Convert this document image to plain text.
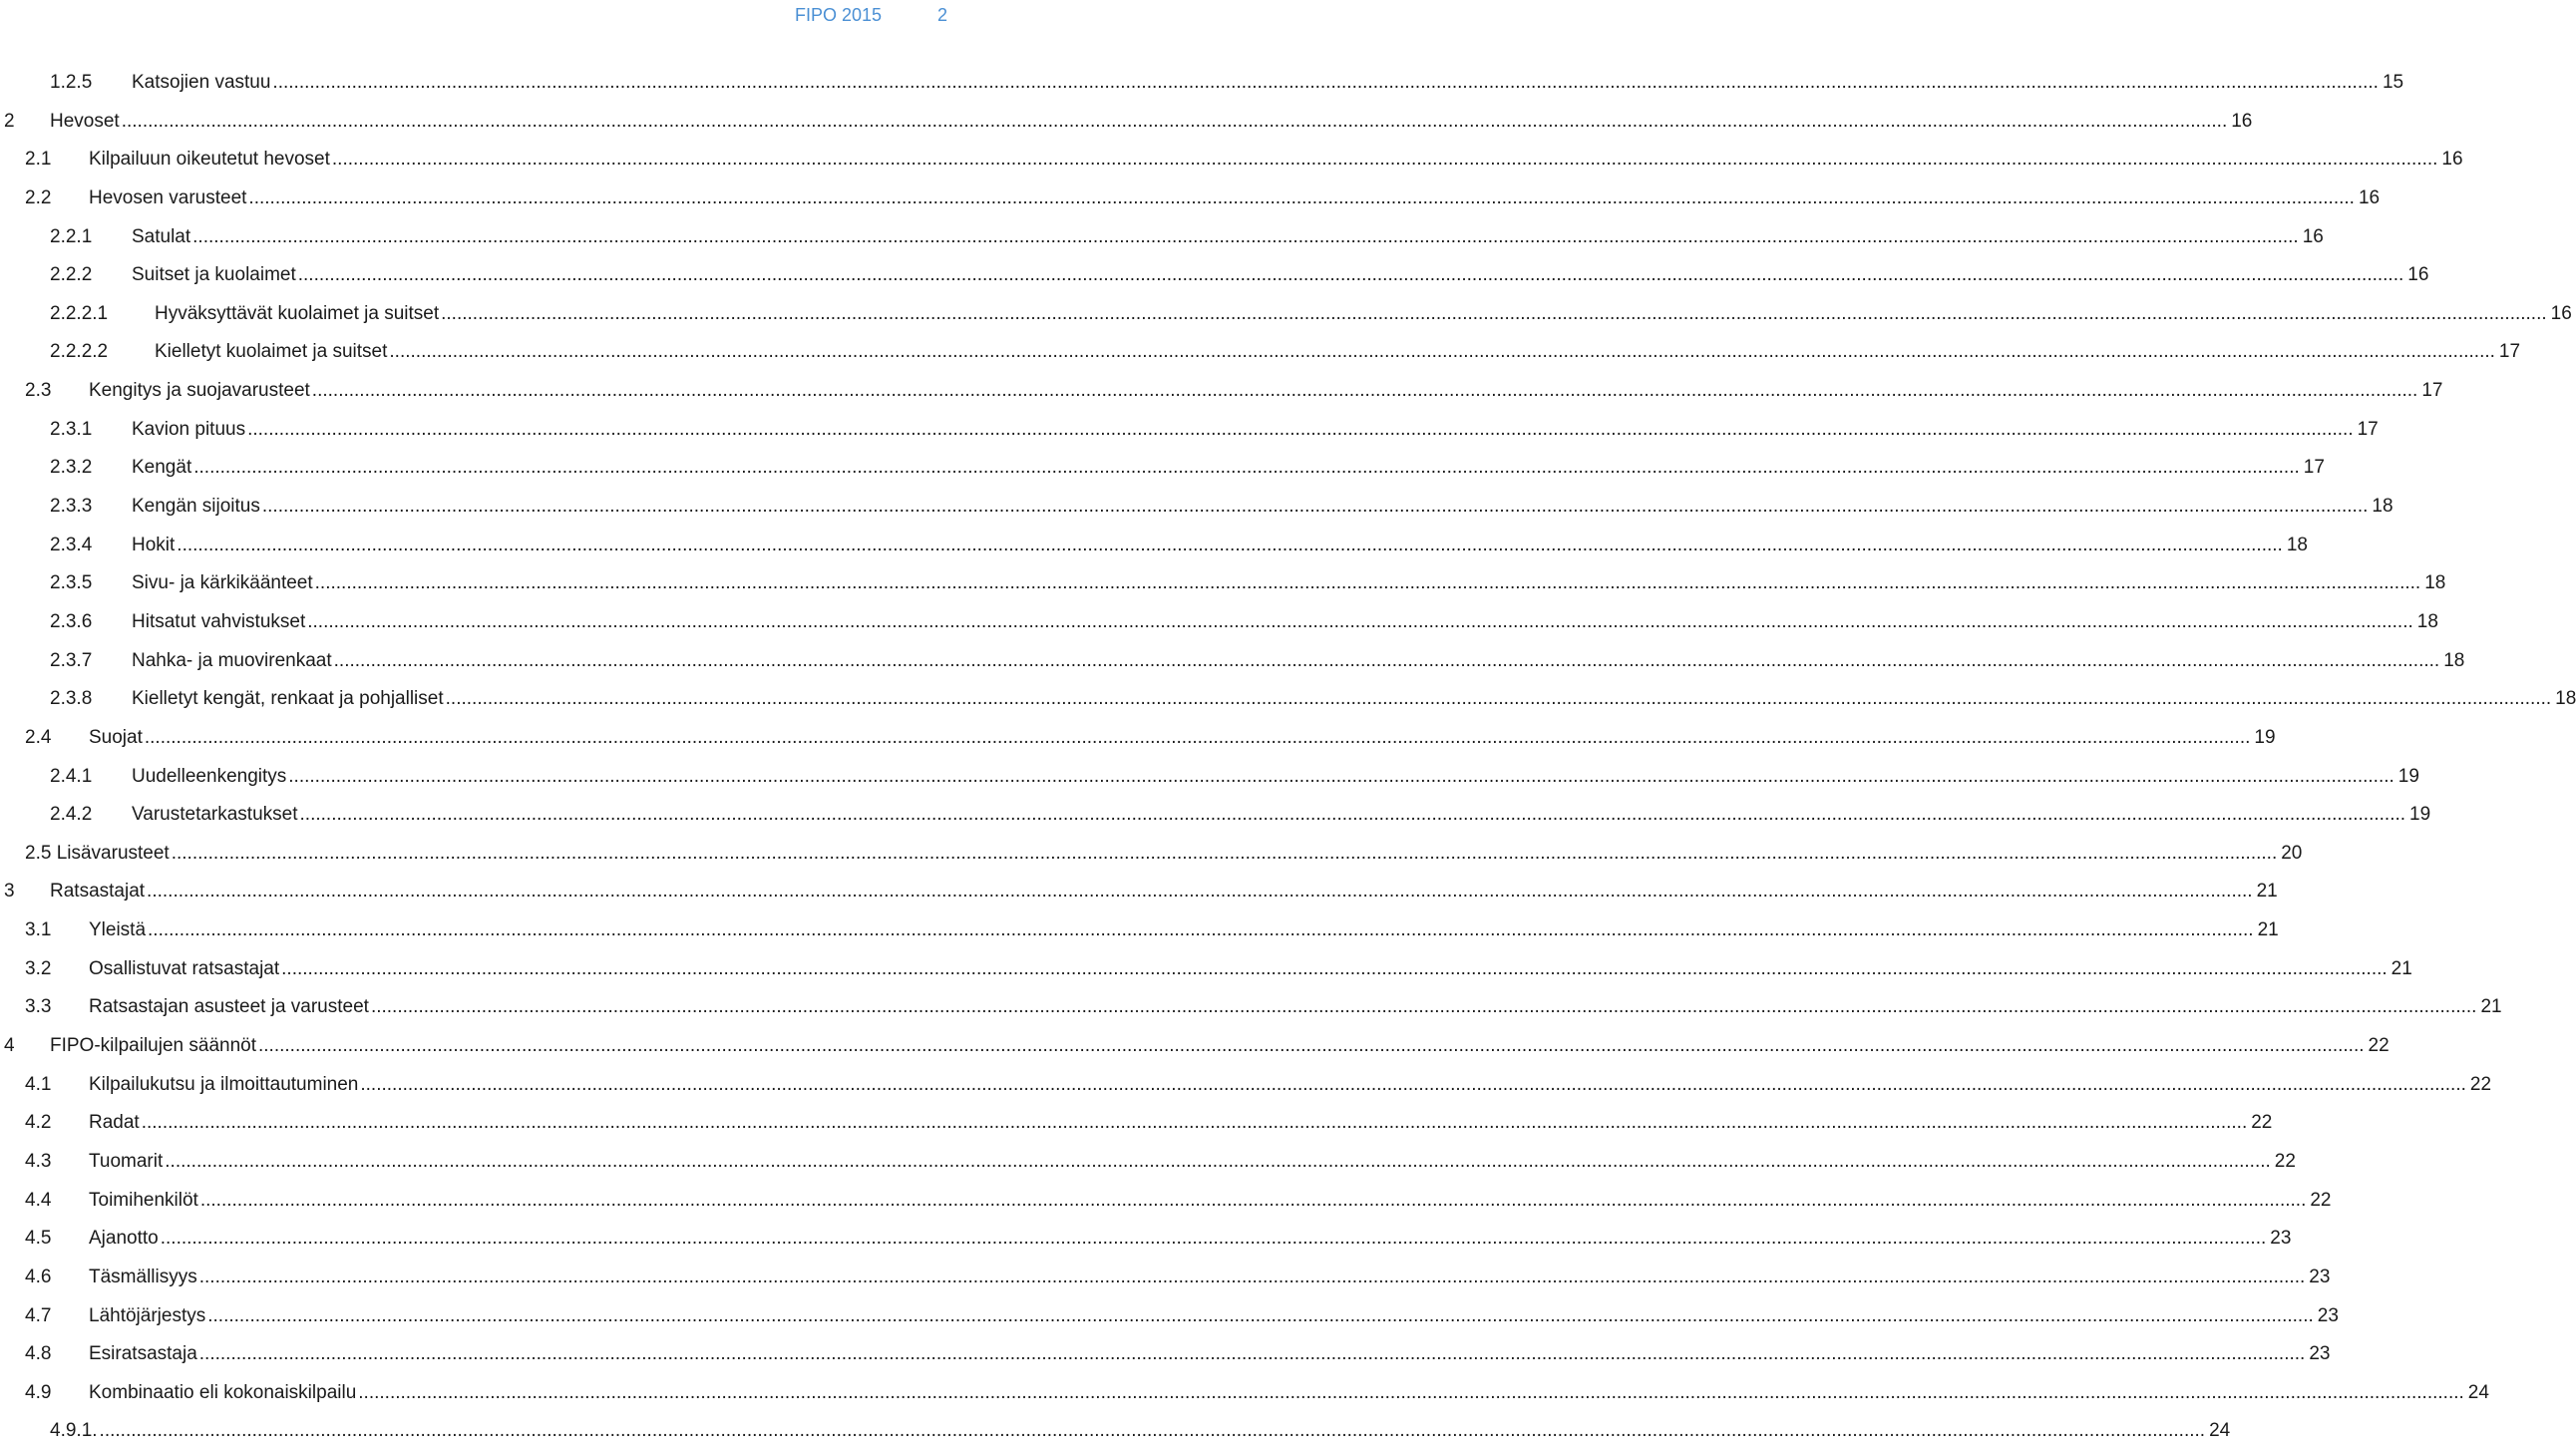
FIPO 2015	2
1.2.5 Katsojien vastuu ................................................................................................................................................................................................................................................................................................................................................................................................................ 15
2 Hevoset ................................................................................................................................................................................................................................................................................................................................................................................................................ 16
2.1 Kilpailuun oikeutetut hevoset ................................................................................................................................................................................................................................................................................................................................................................................................................ 16
2.2 Hevosen varusteet ................................................................................................................................................................................................................................................................................................................................................................................................................ 16
2.2.1 Satulat ................................................................................................................................................................................................................................................................................................................................................................................................................ 16
2.2.2 Suitset ja kuolaimet ................................................................................................................................................................................................................................................................................................................................................................................................................ 16
2.2.2.1 Hyväksyttävät kuolaimet ja suitset ................................................................................................................................................................................................................................................................................................................................................................................................................ 16
2.2.2.2 Kielletyt kuolaimet ja suitset ................................................................................................................................................................................................................................................................................................................................................................................................................ 17
2.3 Kengitys ja suojavarusteet ................................................................................................................................................................................................................................................................................................................................................................................................................ 17
2.3.1 Kavion pituus ................................................................................................................................................................................................................................................................................................................................................................................................................ 17
2.3.2 Kengät ................................................................................................................................................................................................................................................................................................................................................................................................................ 17
2.3.3 Kengän sijoitus ................................................................................................................................................................................................................................................................................................................................................................................................................ 18
2.3.4 Hokit ................................................................................................................................................................................................................................................................................................................................................................................................................ 18
2.3.5 Sivu- ja kärkikäänteet ................................................................................................................................................................................................................................................................................................................................................................................................................ 18
2.3.6 Hitsatut vahvistukset ................................................................................................................................................................................................................................................................................................................................................................................................................ 18
2.3.7 Nahka- ja muovirenkaat ................................................................................................................................................................................................................................................................................................................................................................................................................ 18
2.3.8 Kielletyt kengät, renkaat ja pohjalliset ................................................................................................................................................................................................................................................................................................................................................................................................................ 18
2.4 Suojat ................................................................................................................................................................................................................................................................................................................................................................................................................ 19
2.4.1 Uudelleenkengitys ................................................................................................................................................................................................................................................................................................................................................................................................................ 19
2.4.2 Varustetarkastukset ................................................................................................................................................................................................................................................................................................................................................................................................................ 19
2.5 Lisävarusteet ................................................................................................................................................................................................................................................................................................................................................................................................................ 20
3 Ratsastajat ................................................................................................................................................................................................................................................................................................................................................................................................................ 21
3.1 Yleistä ................................................................................................................................................................................................................................................................................................................................................................................................................ 21
3.2 Osallistuvat ratsastajat ................................................................................................................................................................................................................................................................................................................................................................................................................ 21
3.3 Ratsastajan asusteet ja varusteet ................................................................................................................................................................................................................................................................................................................................................................................................................ 21
4 FIPO-kilpailujen säännöt ................................................................................................................................................................................................................................................................................................................................................................................................................ 22
4.1 Kilpailukutsu ja ilmoittautuminen ................................................................................................................................................................................................................................................................................................................................................................................................................ 22
4.2 Radat ................................................................................................................................................................................................................................................................................................................................................................................................................ 22
4.3 Tuomarit ................................................................................................................................................................................................................................................................................................................................................................................................................ 22
4.4 Toimihenkilöt ................................................................................................................................................................................................................................................................................................................................................................................................................ 22
4.5 Ajanotto ................................................................................................................................................................................................................................................................................................................................................................................................................ 23
4.6 Täsmällisyys ................................................................................................................................................................................................................................................................................................................................................................................................................ 23
4.7 Lähtöjärjestys ................................................................................................................................................................................................................................................................................................................................................................................................................ 23
4.8 Esiratsastaja ................................................................................................................................................................................................................................................................................................................................................................................................................ 23
4.9 Kombinaatio eli kokonaiskilpailu ................................................................................................................................................................................................................................................................................................................................................................................................................ 24
4.9.1. ................................................................................................................................................................................................................................................................................................................................................................................................................ 24
